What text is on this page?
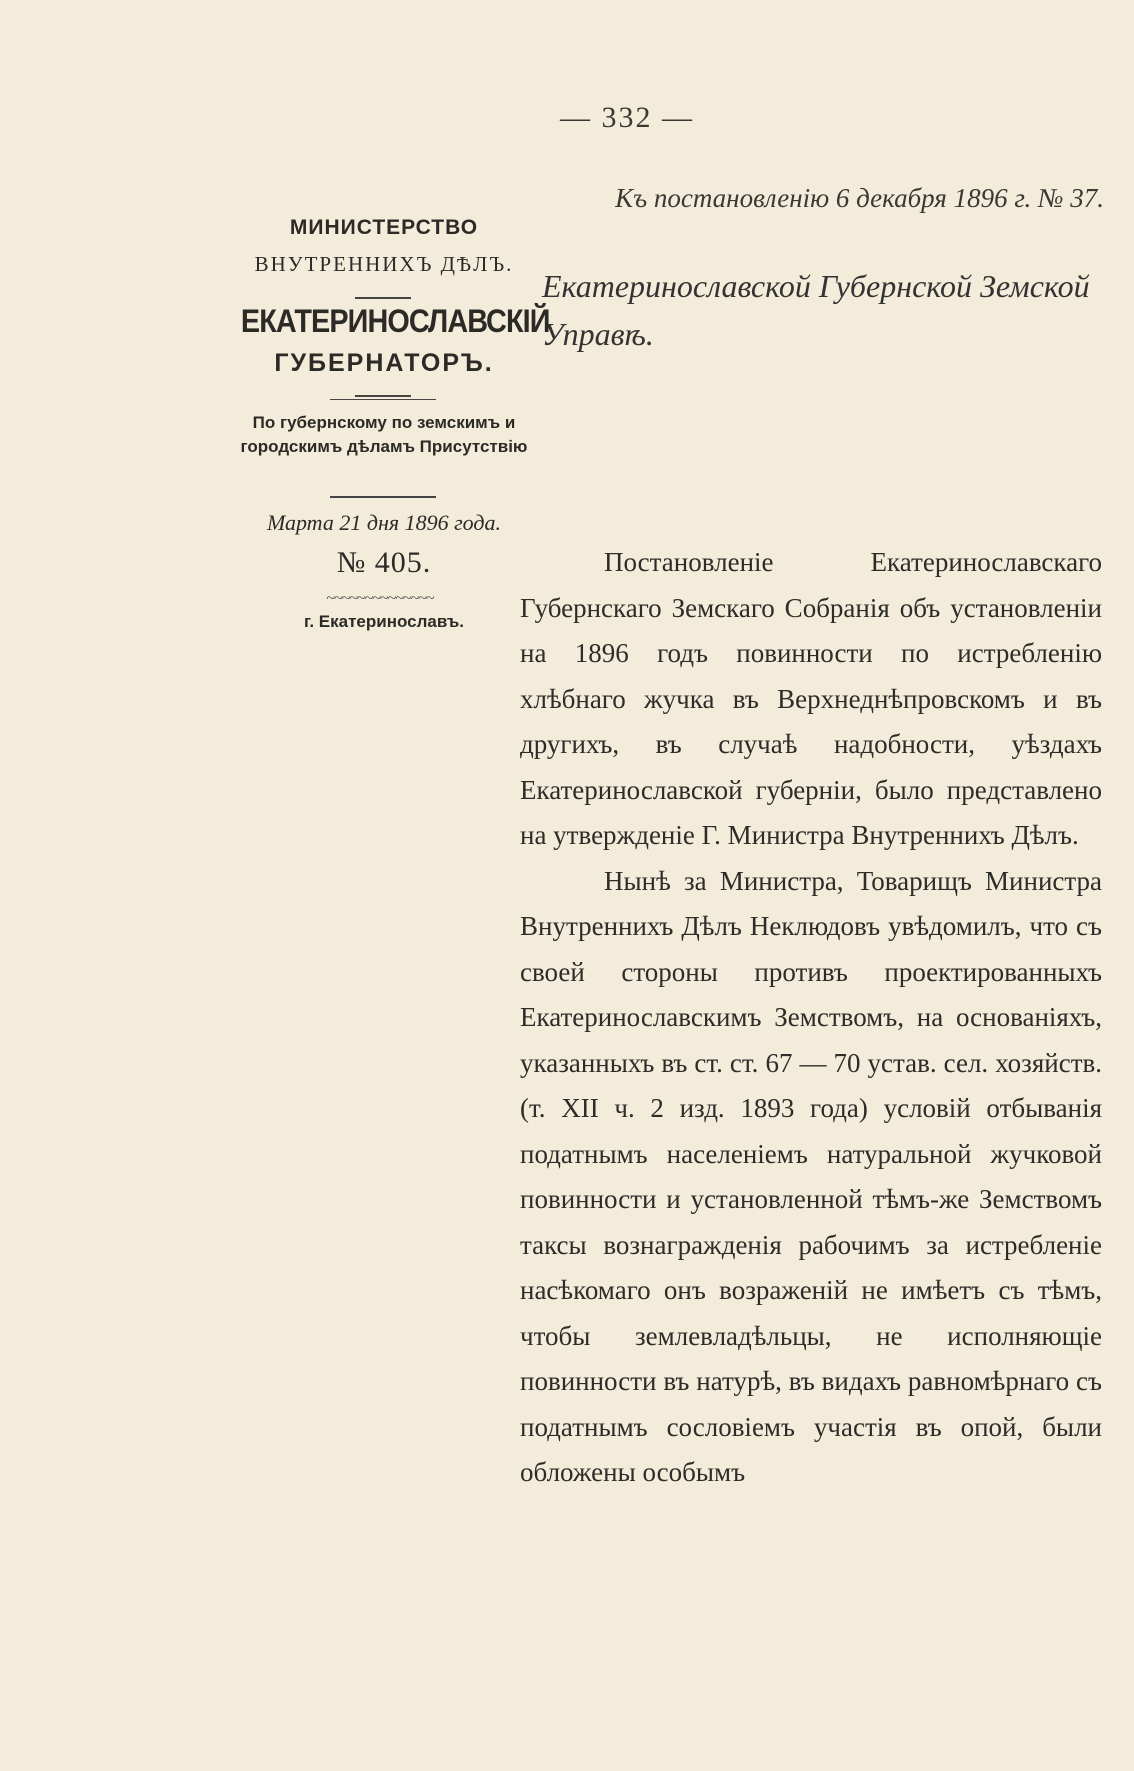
— 332 —
Къ постановленію 6 декабря 1896 г. № 37.
Екатеринославской Губернской Земской Управѣ.
МИНИСТЕРСТВО
ВНУТРЕННИХЪ ДѢЛЪ.
ЕКАТЕРИНОСЛАВСКІЙ
ГУБЕРНАТОРЪ.
По губернскому по земскимъ и городскимъ дѣламъ Присутствію
Марта 21 дня 1896 года.
№ 405.
~~~~~~~~~~~~~~
г. Екатеринославъ.

Постановленіе Екатеринославскаго Губернскаго Земскаго Собранія объ установленіи на 1896 годъ повинности по истребленію хлѣбнаго жучка въ Верхнеднѣпровскомъ и въ другихъ, въ случаѣ надобности, уѣздахъ Екатеринославской губерніи, было представлено на утвержденіе Г. Министра Внутреннихъ Дѣлъ.

Нынѣ за Министра, Товарищъ Министра Внутреннихъ Дѣлъ Неклюдовъ увѣдомилъ, что съ своей стороны противъ проектированныхъ Екатеринославскимъ Земствомъ, на основаніяхъ, указанныхъ въ ст. ст. 67 — 70 устав. сел. хозяйств. (т. XII ч. 2 изд. 1893 года) условій отбыванія податнымъ населеніемъ натуральной жучковой повинности и установленной тѣмъ-же Земствомъ таксы вознагражденія рабочимъ за истребленіе насѣкомаго онъ возраженій не имѣетъ съ тѣмъ, чтобы землевладѣльцы, не исполняющіе повинности въ натурѣ, въ видахъ равномѣрнаго съ податнымъ сословіемъ участія въ опой, были обложены особымъ
